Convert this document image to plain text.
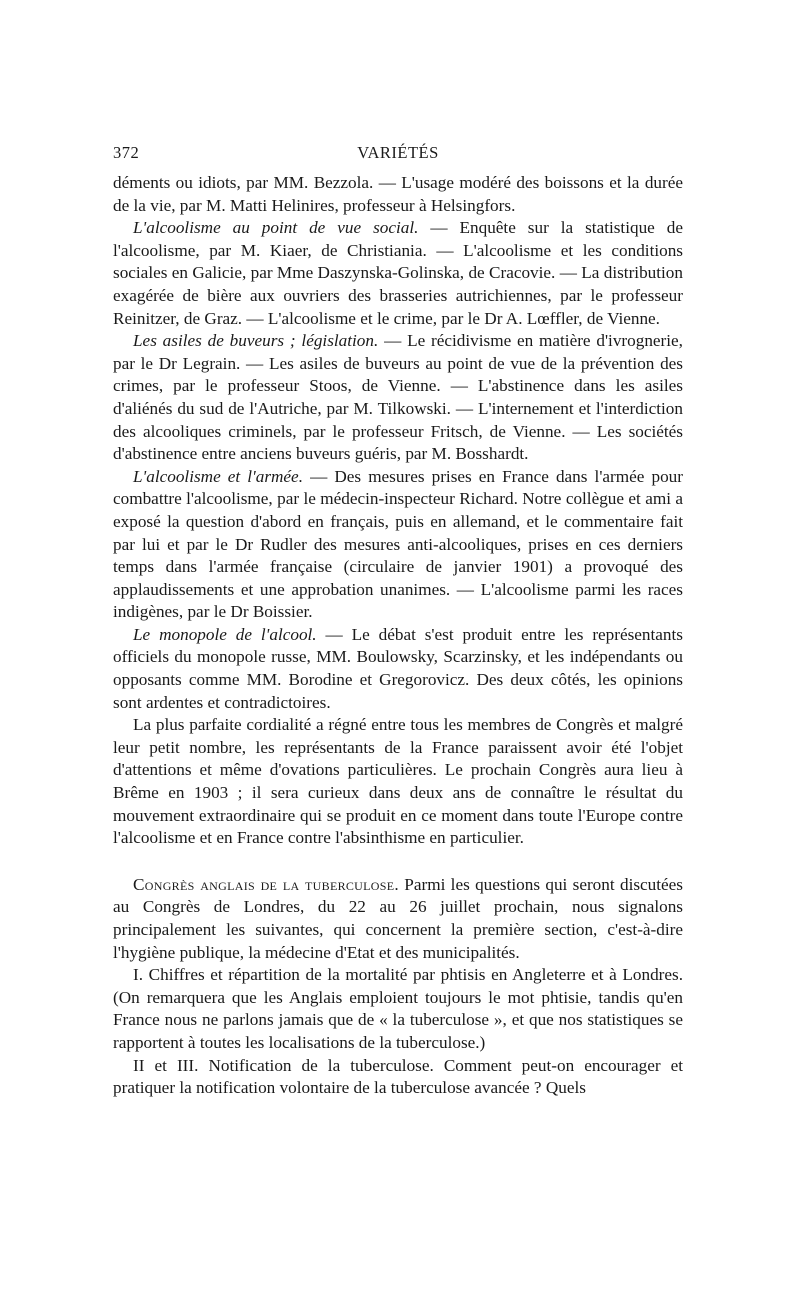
372	VARIÉTÉS

déments ou idiots, par MM. Bezzola. — L'usage modéré des boissons et la durée de la vie, par M. Matti Helinires, professeur à Helsingfors.

L'alcoolisme au point de vue social. — Enquête sur la statistique de l'alcoolisme, par M. Kiaer, de Christiania. — L'alcoolisme et les conditions sociales en Galicie, par Mme Daszynska-Golinska, de Cracovie. — La distribution exagérée de bière aux ouvriers des brasseries autrichiennes, par le professeur Reinitzer, de Graz. — L'alcoolisme et le crime, par le Dr A. Lœffler, de Vienne.

Les asiles de buveurs ; législation. — Le récidivisme en matière d'ivrognerie, par le Dr Legrain. — Les asiles de buveurs au point de vue de la prévention des crimes, par le professeur Stoos, de Vienne. — L'abstinence dans les asiles d'aliénés du sud de l'Autriche, par M. Tilkowski. — L'internement et l'interdiction des alcooliques criminels, par le professeur Fritsch, de Vienne. — Les sociétés d'abstinence entre anciens buveurs guéris, par M. Bosshardt.

L'alcoolisme et l'armée. — Des mesures prises en France dans l'armée pour combattre l'alcoolisme, par le médecin-inspecteur Richard. Notre collègue et ami a exposé la question d'abord en français, puis en allemand, et le commentaire fait par lui et par le Dr Rudler des mesures anti-alcooliques, prises en ces derniers temps dans l'armée française (circulaire de janvier 1901) a provoqué des applaudissements et une approbation unanimes. — L'alcoolisme parmi les races indigènes, par le Dr Boissier.

Le monopole de l'alcool. — Le débat s'est produit entre les représentants officiels du monopole russe, MM. Boulowsky, Scarzinsky, et les indépendants ou opposants comme MM. Borodine et Gregorovicz. Des deux côtés, les opinions sont ardentes et contradictoires.

La plus parfaite cordialité a régné entre tous les membres de Congrès et malgré leur petit nombre, les représentants de la France paraissent avoir été l'objet d'attentions et même d'ovations particulières. Le prochain Congrès aura lieu à Brême en 1903 ; il sera curieux dans deux ans de connaître le résultat du mouvement extraordinaire qui se produit en ce moment dans toute l'Europe contre l'alcoolisme et en France contre l'absinthisme en particulier.

Congrès anglais de la tuberculose. Parmi les questions qui seront discutées au Congrès de Londres, du 22 au 26 juillet prochain, nous signalons principalement les suivantes, qui concernent la première section, c'est-à-dire l'hygiène publique, la médecine d'Etat et des municipalités.

I. Chiffres et répartition de la mortalité par phtisis en Angleterre et à Londres. (On remarquera que les Anglais emploient toujours le mot phtisie, tandis qu'en France nous ne parlons jamais que de « la tuberculose », et que nos statistiques se rapportent à toutes les localisations de la tuberculose.)

II et III. Notification de la tuberculose. Comment peut-on encourager et pratiquer la notification volontaire de la tuberculose avancée ? Quels
